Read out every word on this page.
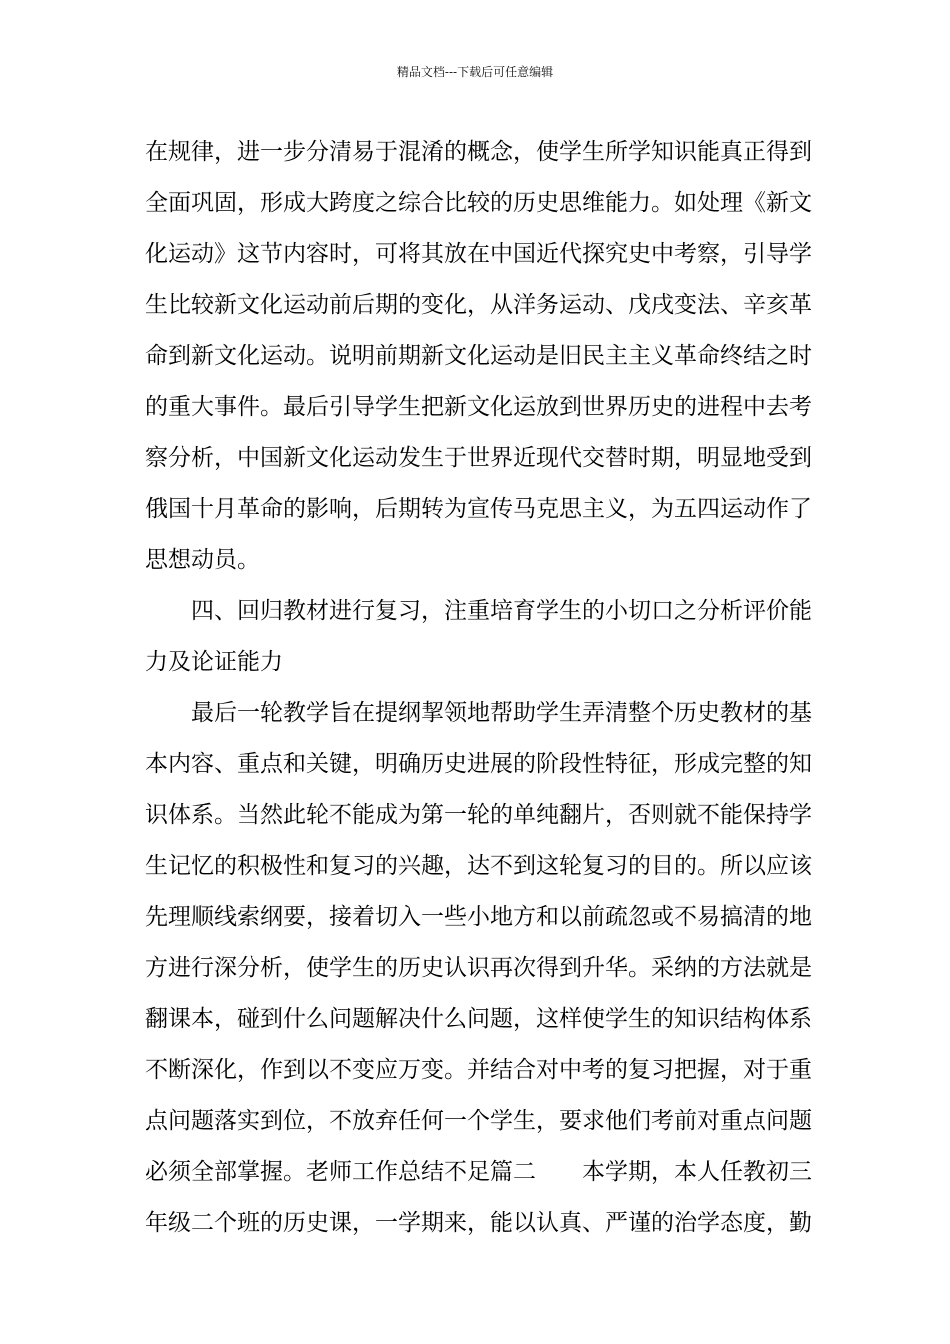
精品文档---下载后可任意编辑
在规律，进一步分清易于混淆的概念，使学生所学知识能真正得到
全面巩固，形成大跨度之综合比较的历史思维能力。如处理《新文
化运动》这节内容时，可将其放在中国近代探究史中考察，引导学
生比较新文化运动前后期的变化，从洋务运动、戊戌变法、辛亥革
命到新文化运动。说明前期新文化运动是旧民主主义革命终结之时
的重大事件。最后引导学生把新文化运放到世界历史的进程中去考
察分析，中国新文化运动发生于世界近现代交替时期，明显地受到
俄国十月革命的影响，后期转为宣传马克思主义，为五四运动作了
思想动员。
四、回归教材进行复习，注重培育学生的小切口之分析评价能
力及论证能力
最后一轮教学旨在提纲挈领地帮助学生弄清整个历史教材的基
本内容、重点和关键，明确历史进展的阶段性特征，形成完整的知
识体系。当然此轮不能成为第一轮的单纯翻片，否则就不能保持学
生记忆的积极性和复习的兴趣，达不到这轮复习的目的。所以应该
先理顺线索纲要，接着切入一些小地方和以前疏忽或不易搞清的地
方进行深分析，使学生的历史认识再次得到升华。采纳的方法就是
翻课本，碰到什么问题解决什么问题，这样使学生的知识结构体系
不断深化，作到以不变应万变。并结合对中考的复习把握，对于重
点问题落实到位，不放弃任何一个学生，要求他们考前对重点问题
必须全部掌握。老师工作总结不足篇二　　本学期，本人任教初三
年级二个班的历史课，一学期来，能以认真、严谨的治学态度，勤
